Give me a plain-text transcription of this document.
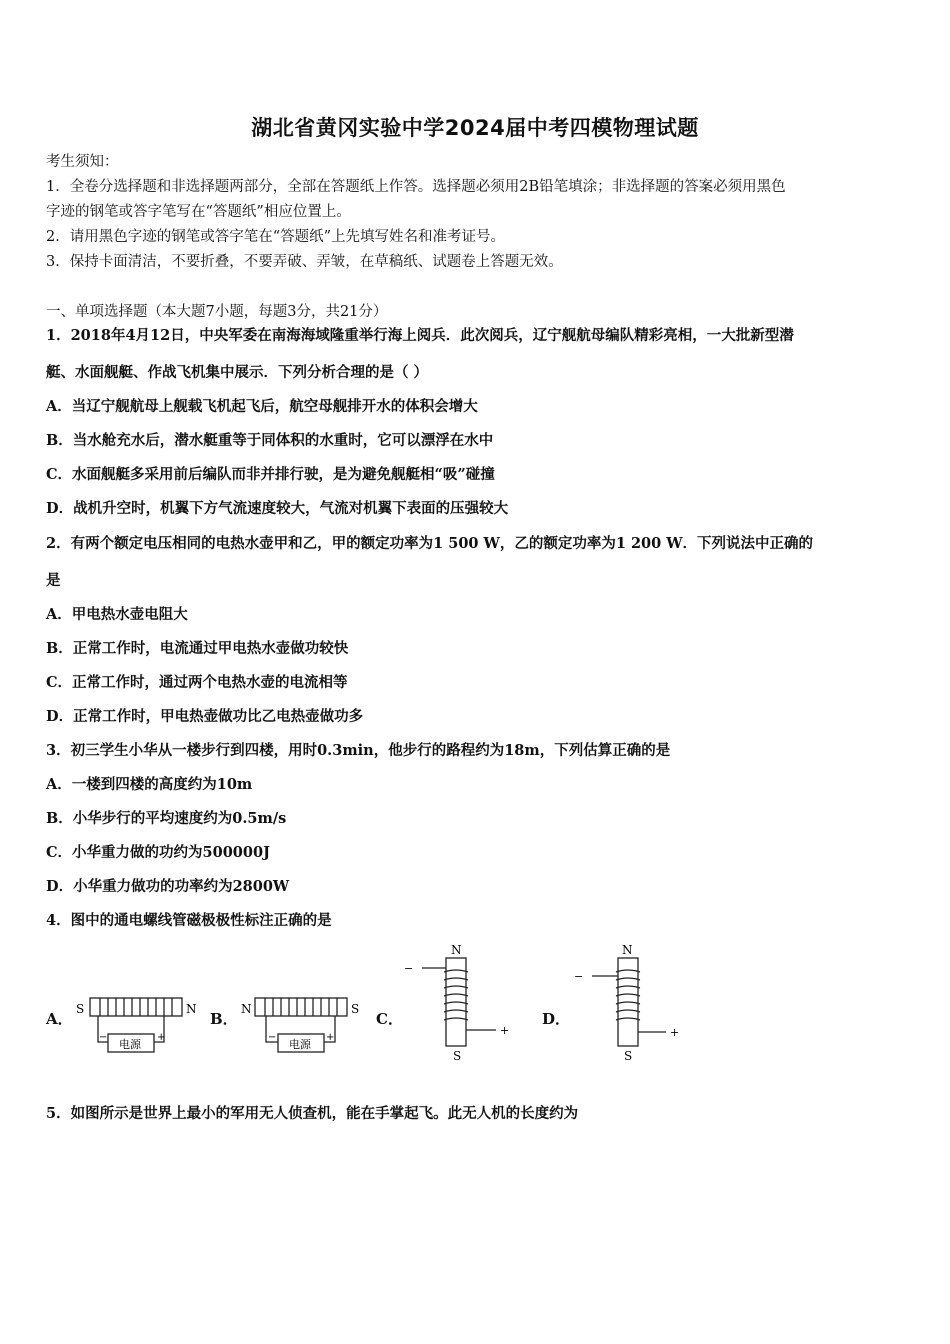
湖北省黄冈实验中学2024届中考四模物理试题
考生须知：
1．全卷分选择题和非选择题两部分，全部在答题纸上作答。选择题必须用2B铅笔填涂；非选择题的答案必须用黑色
字迹的钢笔或答字笔写在“答题纸”相应位置上。
2．请用黑色字迹的钢笔或答字笔在“答题纸”上先填写姓名和准考证号。
3．保持卡面清洁，不要折叠，不要弄破、弄皱，在草稿纸、试题卷上答题无效。
一、单项选择题（本大题7小题，每题3分，共21分）
1．2018年4月12日，中央军委在南海海域隆重举行海上阅兵．此次阅兵，辽宁舰航母编队精彩亮相，一大批新型潜
艇、水面舰艇、作战飞机集中展示．下列分析合理的是（ ）
A．当辽宁舰航母上舰载飞机起飞后，航空母舰排开水的体积会增大
B．当水舱充水后，潜水艇重等于同体积的水重时，它可以漂浮在水中
C．水面舰艇多采用前后编队而非并排行驶，是为避免舰艇相“吸”碰撞
D．战机升空时，机翼下方气流速度较大，气流对机翼下表面的压强较大
2．有两个额定电压相同的电热水壶甲和乙，甲的额定功率为1 500 W，乙的额定功率为1 200 W．下列说法中正确的
是
A．甲电热水壶电阻大
B．正常工作时，电流通过甲电热水壶做功较快
C．正常工作时，通过两个电热水壶的电流相等
D．正常工作时，甲电热壶做功比乙电热壶做功多
3．初三学生小华从一楼步行到四楼，用时0.3min，他步行的路程约为18m，下列估算正确的是
A．一楼到四楼的高度约为10m
B．小华步行的平均速度约为0.5m/s
C．小华重力做的功约为500000J
D．小华重力做功的功率约为2800W
4．图中的通电螺线管磁极极性标注正确的是
A．	B．	C．	D．
S	N
电源
−	+
N	S
电源
−	+
N
S
−
+
N
S
−
+
5．如图所示是世界上最小的军用无人侦查机，能在手掌起飞。此无人机的长度约为
